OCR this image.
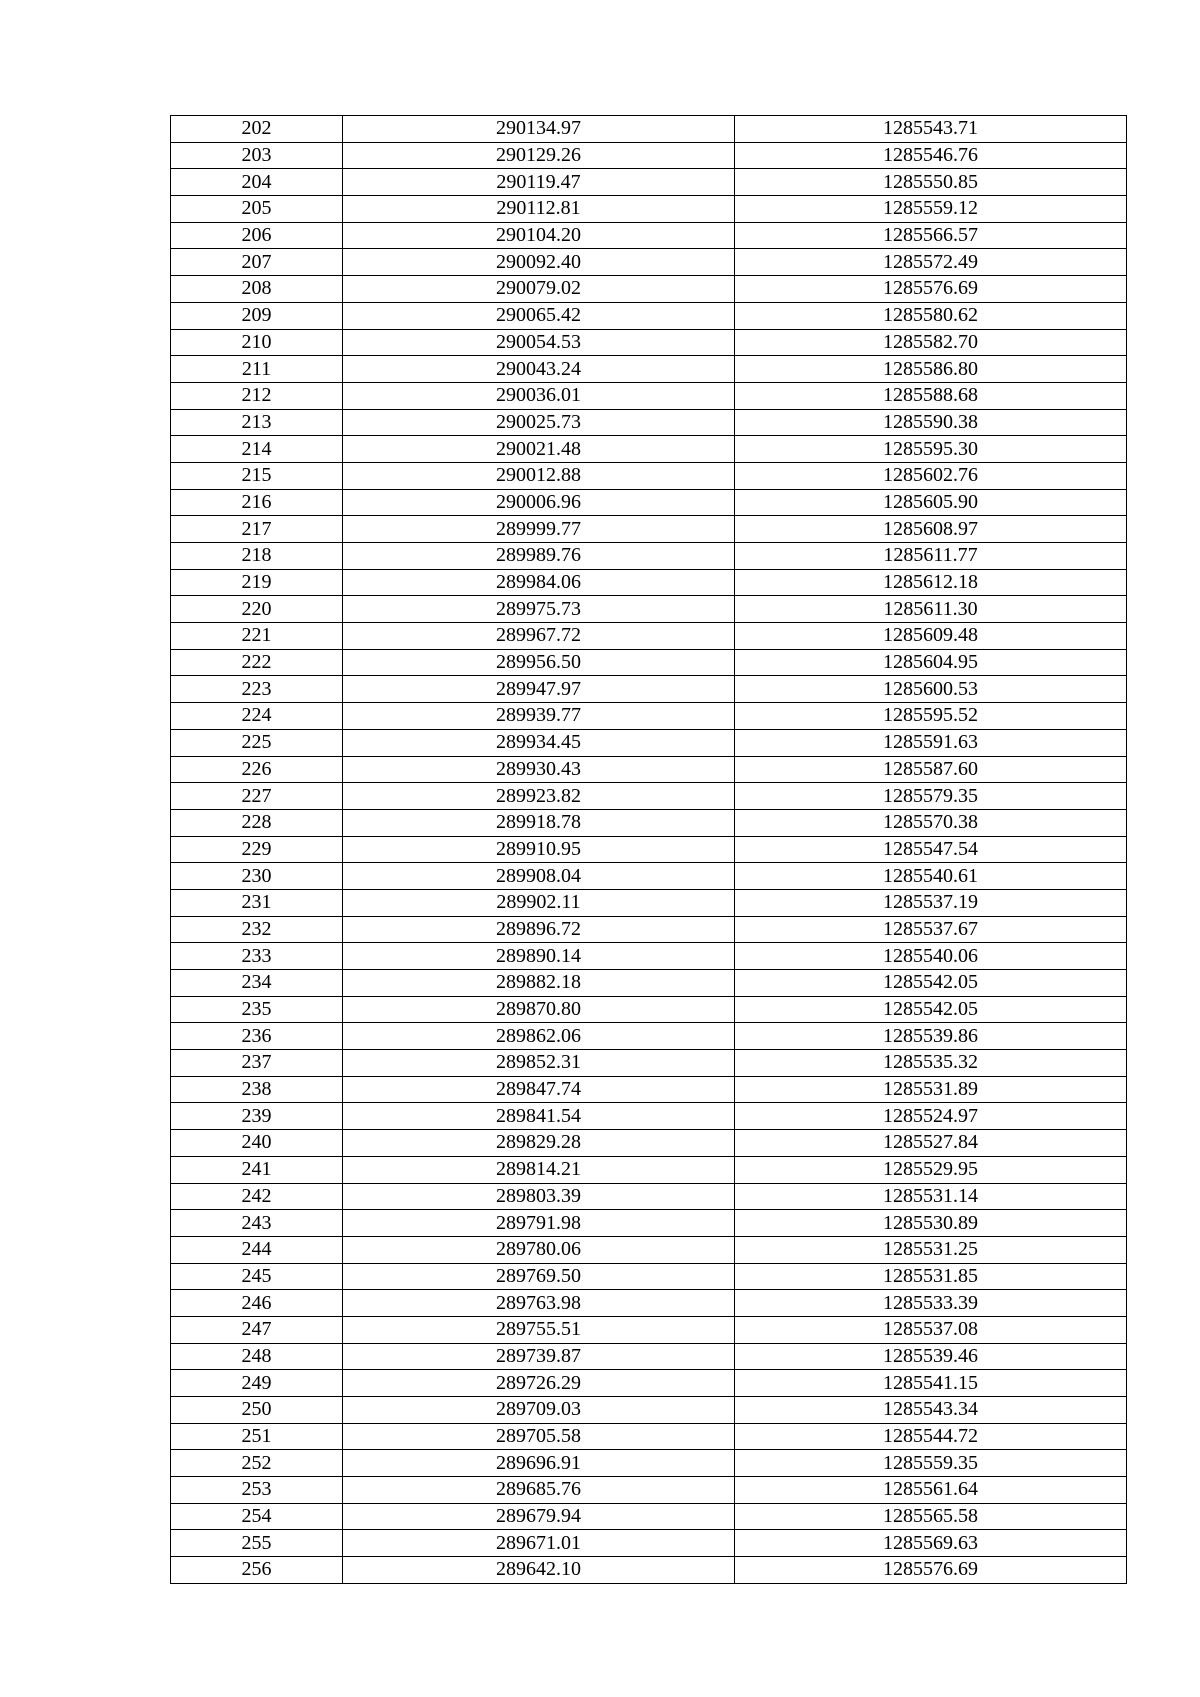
202	290134.97	1285543.71
203	290129.26	1285546.76
204	290119.47	1285550.85
205	290112.81	1285559.12
206	290104.20	1285566.57
207	290092.40	1285572.49
208	290079.02	1285576.69
209	290065.42	1285580.62
210	290054.53	1285582.70
211	290043.24	1285586.80
212	290036.01	1285588.68
213	290025.73	1285590.38
214	290021.48	1285595.30
215	290012.88	1285602.76
216	290006.96	1285605.90
217	289999.77	1285608.97
218	289989.76	1285611.77
219	289984.06	1285612.18
220	289975.73	1285611.30
221	289967.72	1285609.48
222	289956.50	1285604.95
223	289947.97	1285600.53
224	289939.77	1285595.52
225	289934.45	1285591.63
226	289930.43	1285587.60
227	289923.82	1285579.35
228	289918.78	1285570.38
229	289910.95	1285547.54
230	289908.04	1285540.61
231	289902.11	1285537.19
232	289896.72	1285537.67
233	289890.14	1285540.06
234	289882.18	1285542.05
235	289870.80	1285542.05
236	289862.06	1285539.86
237	289852.31	1285535.32
238	289847.74	1285531.89
239	289841.54	1285524.97
240	289829.28	1285527.84
241	289814.21	1285529.95
242	289803.39	1285531.14
243	289791.98	1285530.89
244	289780.06	1285531.25
245	289769.50	1285531.85
246	289763.98	1285533.39
247	289755.51	1285537.08
248	289739.87	1285539.46
249	289726.29	1285541.15
250	289709.03	1285543.34
251	289705.58	1285544.72
252	289696.91	1285559.35
253	289685.76	1285561.64
254	289679.94	1285565.58
255	289671.01	1285569.63
256	289642.10	1285576.69
